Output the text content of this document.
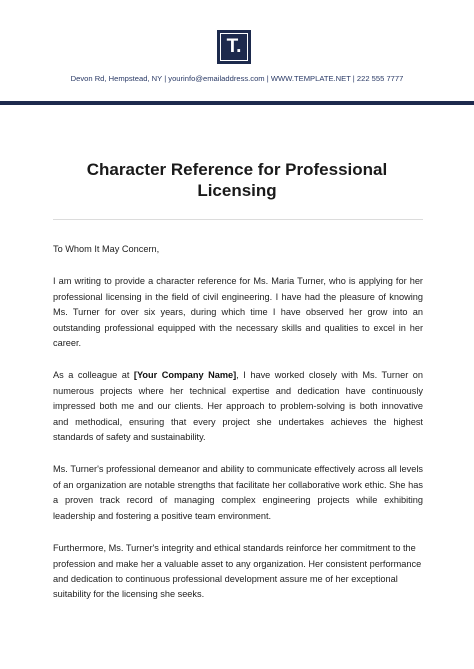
T.
Devon Rd, Hempstead, NY | yourinfo@emailaddress.com | WWW.TEMPLATE.NET | 222 555 7777
Character Reference for Professional
Licensing

To Whom It May Concern,

I am writing to provide a character reference for Ms. Maria Turner, who is applying for her professional licensing in the field of civil engineering. I have had the pleasure of knowing Ms. Turner for over six years, during which time I have observed her grow into an outstanding professional equipped with the necessary skills and qualities to excel in her career.

As a colleague at [Your Company Name], I have worked closely with Ms. Turner on numerous projects where her technical expertise and dedication have continuously impressed both me and our clients. Her approach to problem-solving is both innovative and methodical, ensuring that every project she undertakes achieves the highest standards of safety and sustainability.

Ms. Turner's professional demeanor and ability to communicate effectively across all levels of an organization are notable strengths that facilitate her collaborative work ethic. She has a proven track record of managing complex engineering projects while exhibiting leadership and fostering a positive team environment.

Furthermore, Ms. Turner's integrity and ethical standards reinforce her commitment to the profession and make her a valuable asset to any organization. Her consistent performance and dedication to continuous professional development assure me of her exceptional suitability for the licensing she seeks.
